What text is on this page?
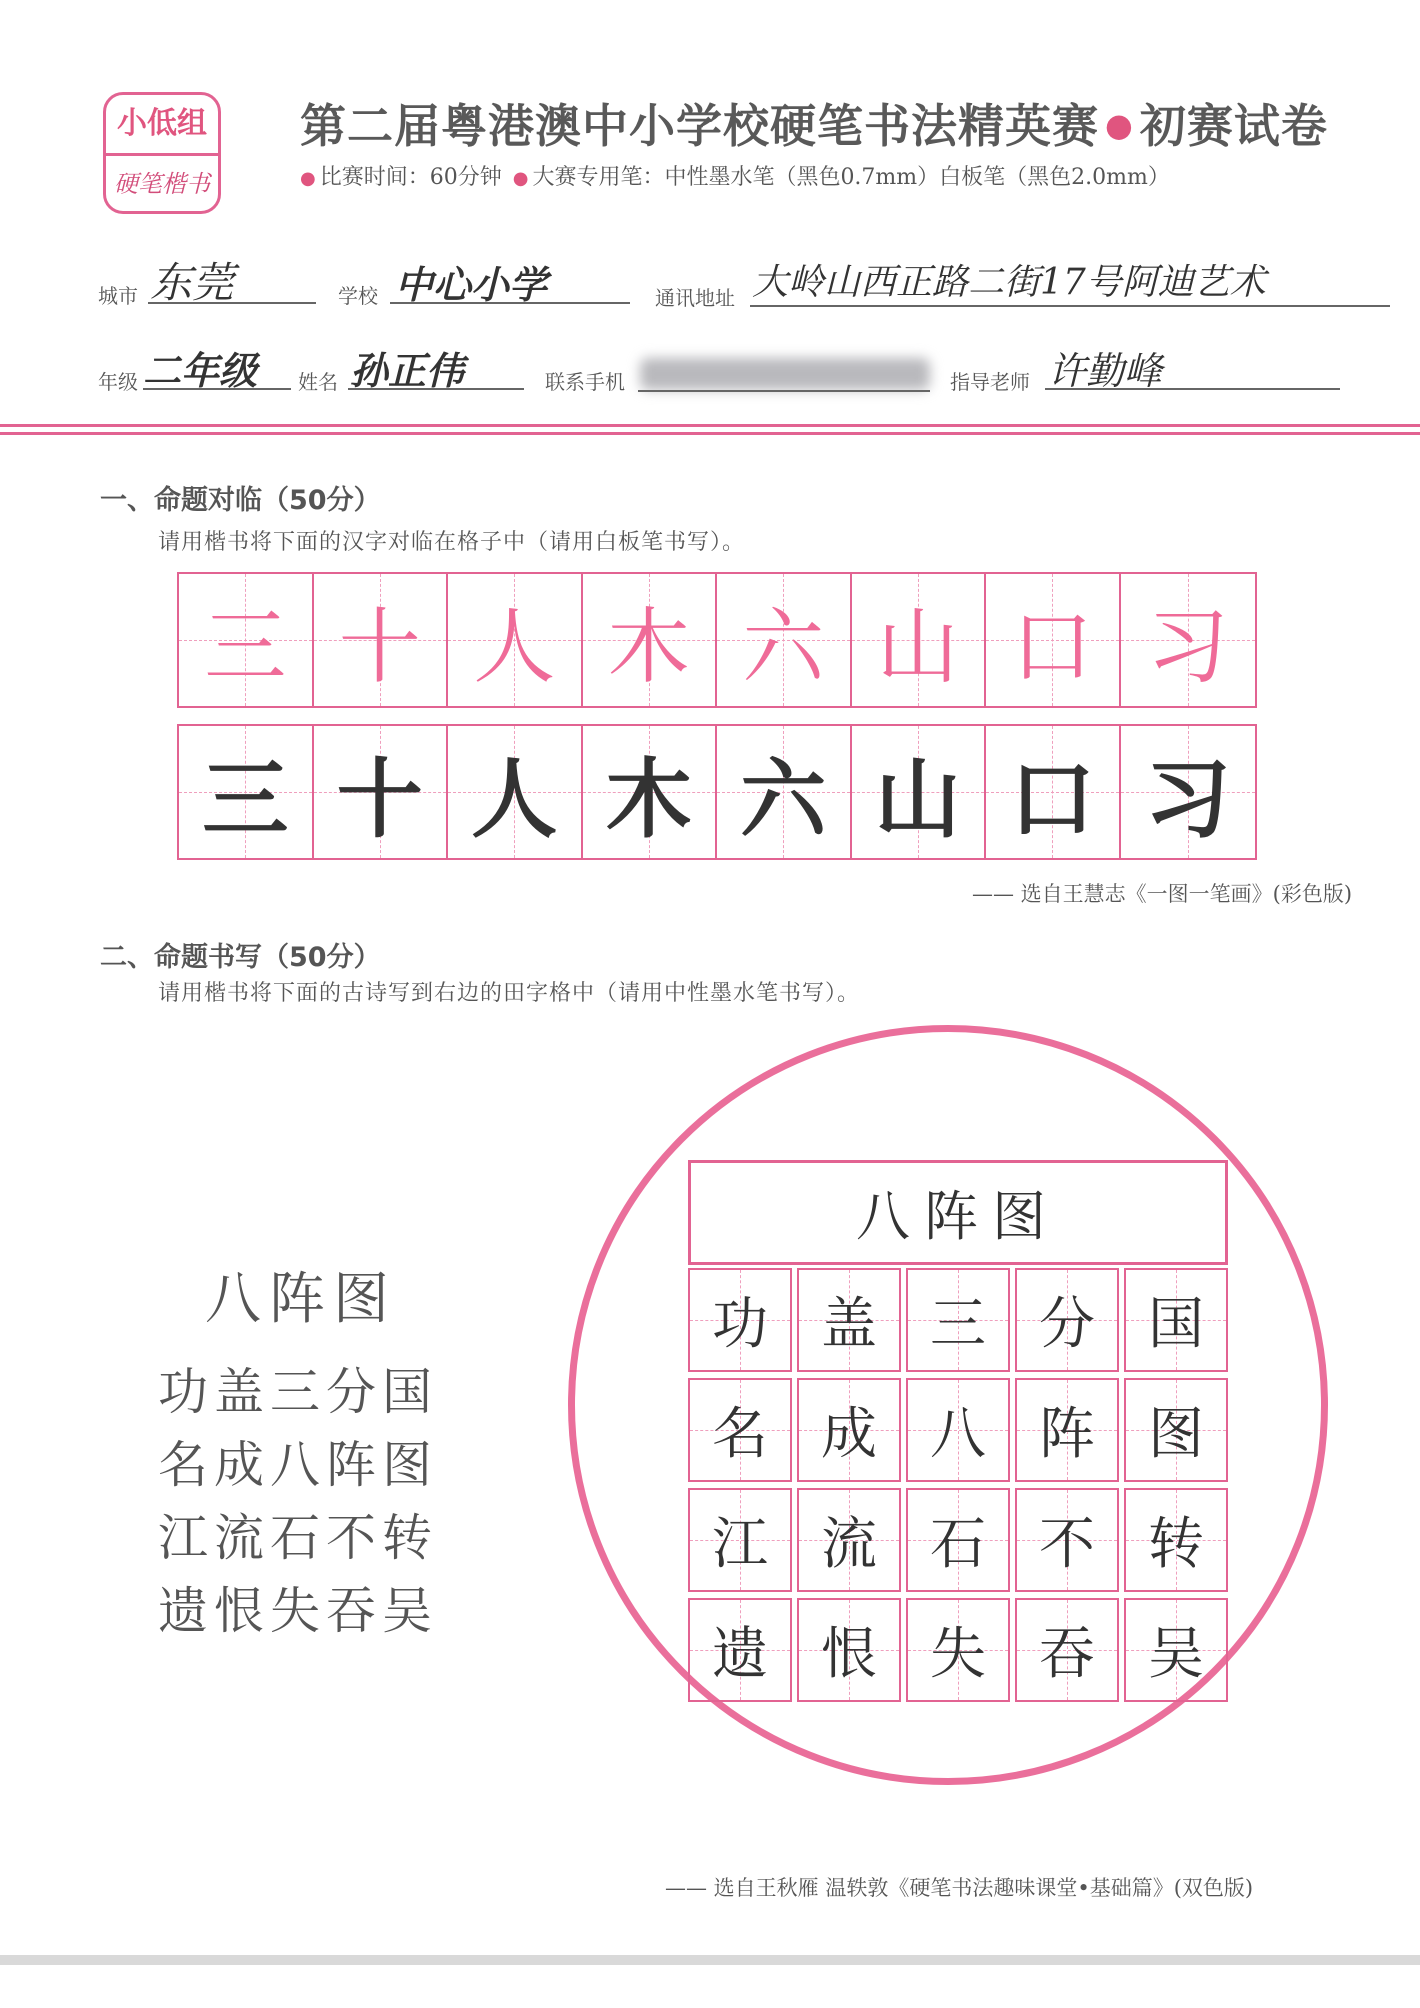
小低组
硬笔楷书
第二届粤港澳中小学校硬笔书法精英赛 ● 初赛试卷
● 比赛时间：60分钟 ● 大赛专用笔：中性墨水笔（黑色0.7mm）白板笔（黑色2.0mm）
城市 东莞	学校 中心小学	通讯地址 大岭山西正路二街17号阿迪艺术
年级 二年级 姓名 孙正伟	联系手机	指导老师 许勤峰
一、命题对临（50分）
请用楷书将下面的汉字对临在格子中（请用白板笔书写）。
三 十 人 木 六 山 口 习
三 十 人 木 六 山 口 习
—— 选自王慧志《一图一笔画》(彩色版)
二、命题书写（50分）
请用楷书将下面的古诗写到右边的田字格中（请用中性墨水笔书写）。
八阵图
功盖三分国
名成八阵图
江流石不转
遗恨失吞吴
八阵图
功 盖 三 分 国
名 成 八 阵 图
江 流 石 不 转
遗 恨 失 吞 吴
—— 选自王秋雁 温轶敦《硬笔书法趣味课堂•基础篇》(双色版)
